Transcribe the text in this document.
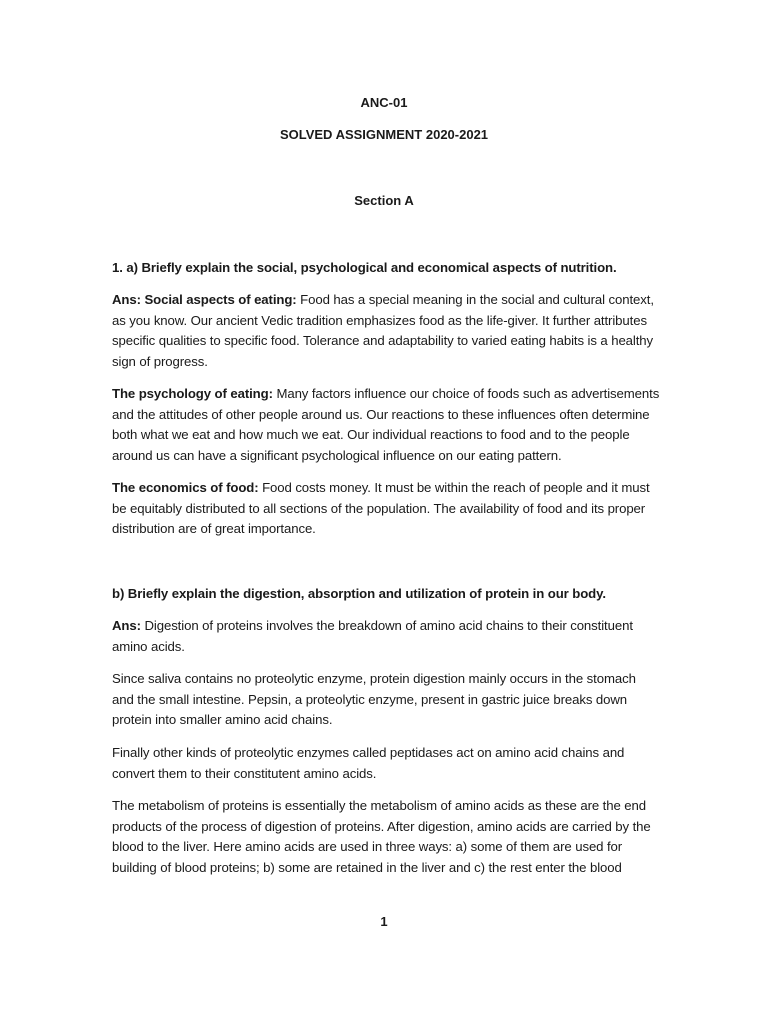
ANC-01
SOLVED ASSIGNMENT 2020-2021
Section A
1. a) Briefly explain the social, psychological and economical aspects of nutrition.
Ans: Social aspects of eating: Food has a special meaning in the social and cultural context, as you know. Our ancient Vedic tradition emphasizes food as the life-giver. It further attributes specific qualities to specific food. Tolerance and adaptability to varied eating habits is a healthy sign of progress.
The psychology of eating: Many factors influence our choice of foods such as advertisements and the attitudes of other people around us. Our reactions to these influences often determine both what we eat and how much we eat. Our individual reactions to food and to the people around us can have a significant psychological influence on our eating pattern.
The economics of food: Food costs money. It must be within the reach of people and it must be equitably distributed to all sections of the population. The availability of food and its proper distribution are of great importance.
b) Briefly explain the digestion, absorption and utilization of protein in our body.
Ans: Digestion of proteins involves the breakdown of amino acid chains to their constituent amino acids.
Since saliva contains no proteolytic enzyme, protein digestion mainly occurs in the stomach and the small intestine. Pepsin, a proteolytic enzyme, present in gastric juice breaks down protein into smaller amino acid chains.
Finally other kinds of proteolytic enzymes called peptidases act on amino acid chains and convert them to their constitutent amino acids.
The metabolism of proteins is essentially the metabolism of amino acids as these are the end products of the process of digestion of proteins. After digestion, amino acids are carried by the blood to the liver. Here amino acids are used in three ways: a) some of them are used for building of blood proteins; b) some are retained in the liver and c) the rest enter the blood
1
